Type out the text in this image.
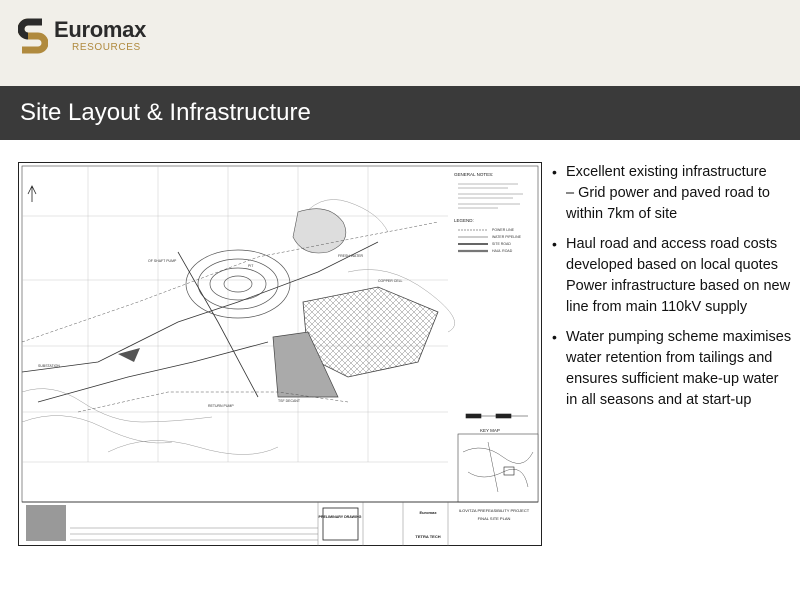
Euromax
RESOURCES
Site Layout & Infrastructure
OF SHAFT PUMP
PIT
FRESH WATER
COPPER CELL
TSF DECANT
RETURN PUMP
SUBSTATION
GENERAL NOTES:
LEGEND:
POWER LINE
WATER PIPELINE
SITE ROAD
HAUL ROAD
KEY MAP
PRELIMINARY DRAWING
Euromax
TETRA TECH
ILOVITZA PREFEASIBILITY PROJECT
FINAL SITE PLAN
• Excellent existing infrastructure
– Grid power and paved road to within 7km of site
• Haul road and access road costs developed based on local quotes
Power infrastructure based on new line from main 110kV supply
• Water pumping scheme maximises water retention from tailings and ensures sufficient make-up water in all seasons and at start-up
